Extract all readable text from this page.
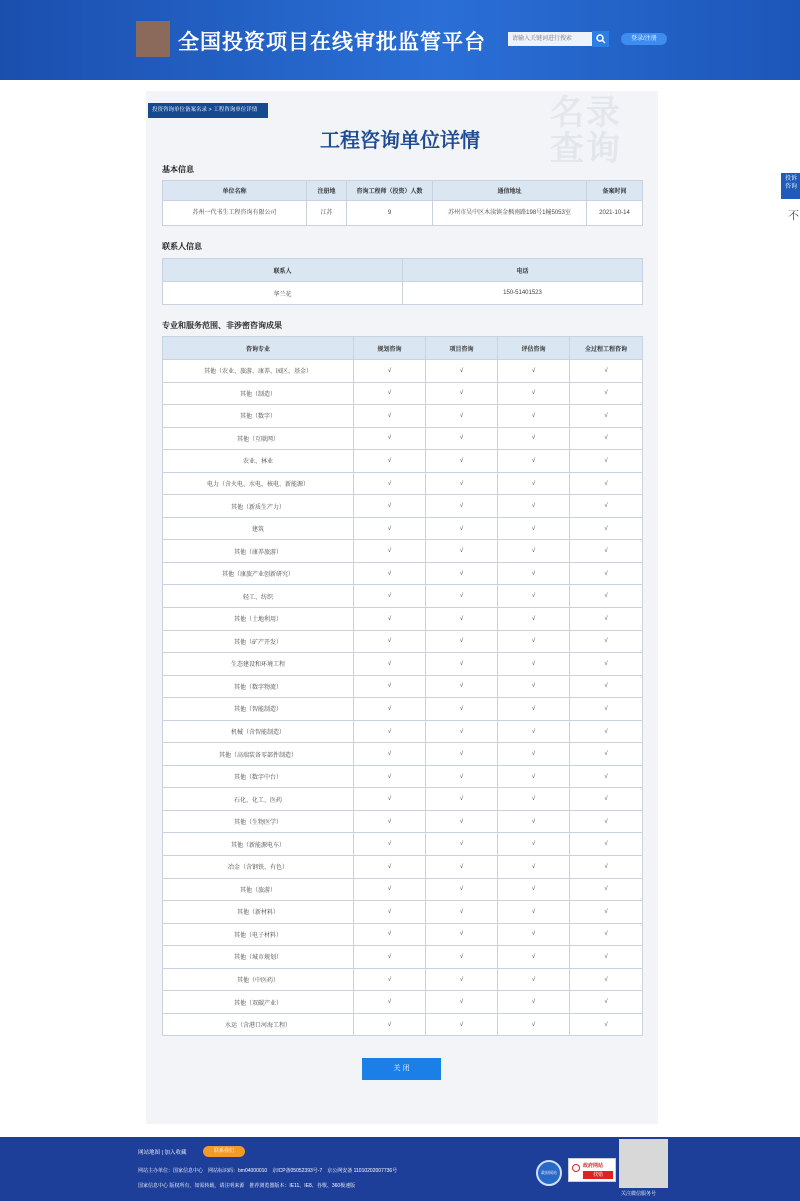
全国投资项目在线审批监管平台
请输入关键词进行搜索	登录/注册
投诉
咨询
不
名录
查询
投资咨询单位备案名录 > 工程咨询单位详情
工程咨询单位详情
基本信息
单位名称	注册地	咨询工程师（投资）人数	通信地址	备案时间
苏州一代书生工程咨询有限公司	江苏	9	苏州市吴中区木渎镇金枫南路198号1幢5053室	2021-10-14
联系人信息
联系人	电话
华兰花	150-51401523
专业和服务范围、非涉密咨询成果
咨询专业	规划咨询	项目咨询	评估咨询	全过程工程咨询
其他（农业、旅游、康养、园区、基金）	√	√	√	√
其他（制造）	√	√	√	√
其他（数字）	√	√	√	√
其他（互联网）	√	√	√	√
农业、林业	√	√	√	√
电力（含火电、水电、核电、新能源）	√	√	√	√
其他（新质生产力）	√	√	√	√
建筑	√	√	√	√
其他（康养旅游）	√	√	√	√
其他（康旅产业创新研究）	√	√	√	√
轻工、纺织	√	√	√	√
其他（土地利用）	√	√	√	√
其他（矿产开发）	√	√	√	√
生态建设和环境工程	√	√	√	√
其他（数字物流）	√	√	√	√
其他（智能制造）	√	√	√	√
机械（含智能制造）	√	√	√	√
其他（高端装备零部件制造）	√	√	√	√
其他（数字中台）	√	√	√	√
石化、化工、医药	√	√	√	√
其他（生物医学）	√	√	√	√
其他（新能源电车）	√	√	√	√
冶金（含钢铁、有色）	√	√	√	√
其他（旅游）	√	√	√	√
其他（新材料）	√	√	√	√
其他（电子材料）	√	√	√	√
其他（城市规划）	√	√	√	√
其他（中医药）	√	√	√	√
其他（双碳产业）	√	√	√	√
水运（含港口河海工程）	√	√	√	√
关 闭
网站地图 | 加入收藏	联系我们
网站主办单位：国家信息中心　网站标识码：bm04000010　京ICP备05052393号-7　京公网安备 11010202007736号
国家信息中心 版权所有，如需转载，请注明来源　推荐浏览器版本：IE11、IE8、谷歌、360极速版
政府网站
政府网站
找错
关注微信服务号
